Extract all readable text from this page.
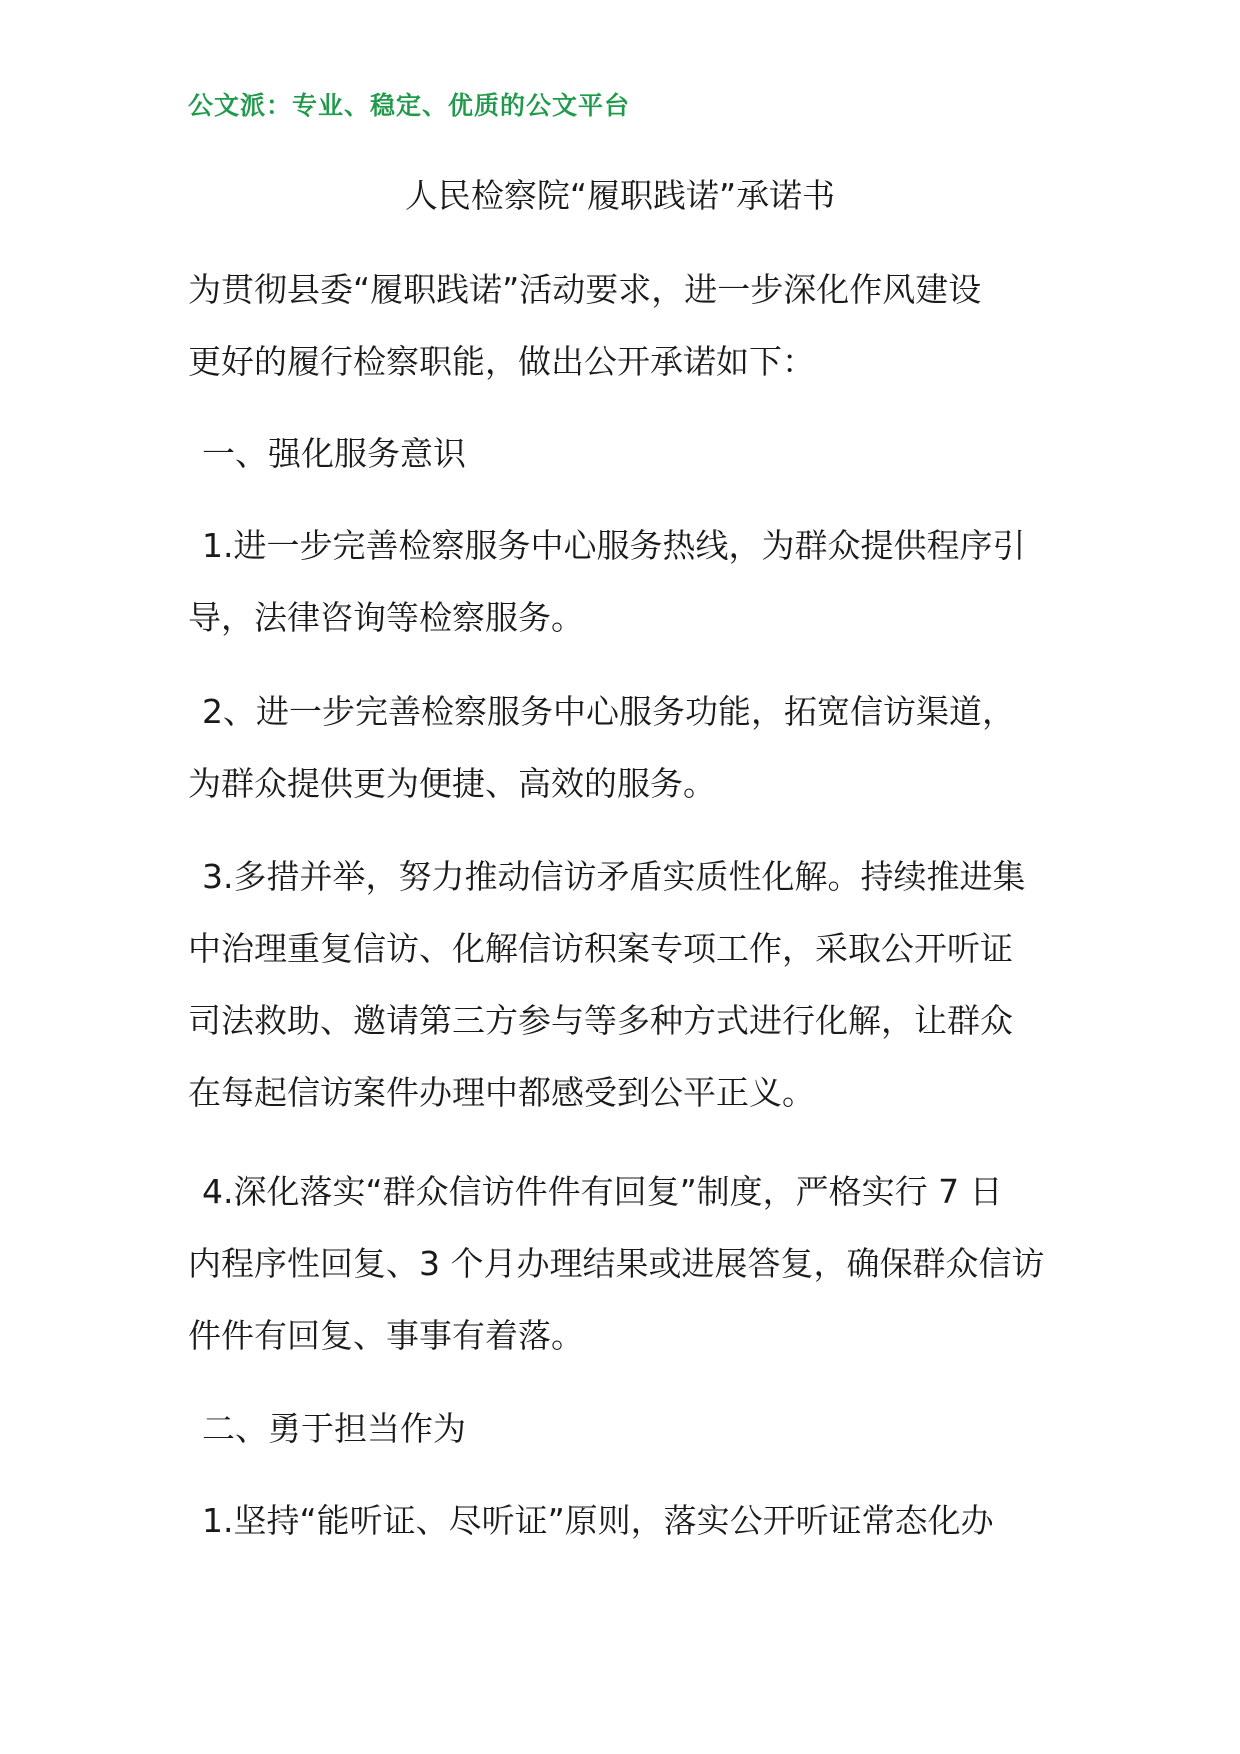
公文派：专业、稳定、优质的公文平台
人民检察院“履职践诺”承诺书
为贯彻县委“履职践诺”活动要求，进一步深化作风建设
更好的履行检察职能，做出公开承诺如下：
一、强化服务意识
1.进一步完善检察服务中心服务热线，为群众提供程序引
导，法律咨询等检察服务。
2、进一步完善检察服务中心服务功能，拓宽信访渠道，
为群众提供更为便捷、高效的服务。
3.多措并举，努力推动信访矛盾实质性化解。持续推进集
中治理重复信访、化解信访积案专项工作，采取公开听证
司法救助、邀请第三方参与等多种方式进行化解，让群众
在每起信访案件办理中都感受到公平正义。
4.深化落实“群众信访件件有回复”制度，严格实行 7 日
内程序性回复、3 个月办理结果或进展答复，确保群众信访
件件有回复、事事有着落。
二、勇于担当作为
1.坚持“能听证、尽听证”原则，落实公开听证常态化办
